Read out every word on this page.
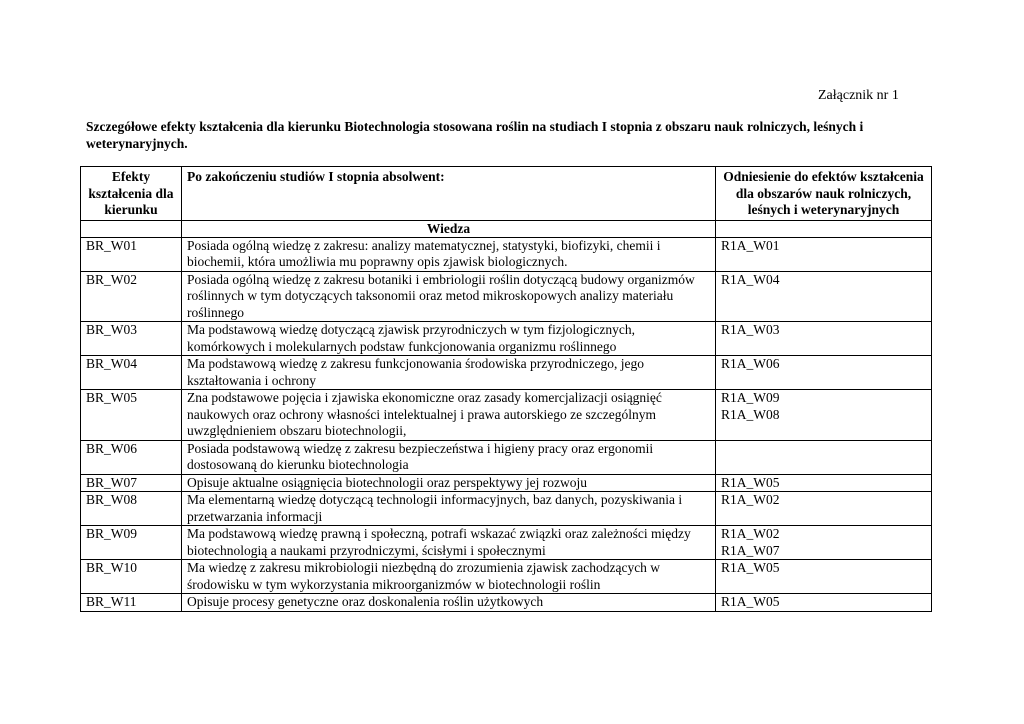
Załącznik nr 1
Szczegółowe efekty kształcenia dla kierunku Biotechnologia stosowana roślin na studiach I stopnia z obszaru nauk rolniczych, leśnych i weterynaryjnych.
Efekty kształcenia dla kierunku	Po zakończeniu studiów I stopnia absolwent:	Odniesienie do efektów kształcenia dla obszarów nauk rolniczych, leśnych i weterynaryjnych
	Wiedza	
BR_W01	Posiada ogólną wiedzę z zakresu: analizy matematycznej, statystyki, biofizyki, chemii i biochemii, która umożliwia mu poprawny opis zjawisk biologicznych.	R1A_W01

BR_W02	Posiada ogólną wiedzę z zakresu botaniki i embriologii roślin dotyczącą budowy organizmów roślinnych w tym dotyczących taksonomii oraz metod mikroskopowych analizy materiału roślinnego	R1A_W04

BR_W03	Ma podstawową wiedzę dotyczącą zjawisk przyrodniczych w tym fizjologicznych, komórkowych i molekularnych podstaw funkcjonowania organizmu roślinnego	R1A_W03

BR_W04	Ma podstawową wiedzę z zakresu funkcjonowania środowiska przyrodniczego, jego kształtowania i ochrony	R1A_W06

BR_W05	Zna podstawowe pojęcia i zjawiska ekonomiczne oraz zasady komercjalizacji osiągnięć naukowych oraz ochrony własności intelektualnej i prawa autorskiego ze szczególnym uwzględnieniem obszaru biotechnologii,	R1A_W09
R1A_W08

BR_W06	Posiada podstawową wiedzę z zakresu bezpieczeństwa i higieny pracy oraz ergonomii dostosowaną do kierunku biotechnologia	
BR_W07	Opisuje aktualne osiągnięcia biotechnologii oraz perspektywy jej rozwoju	R1A_W05

BR_W08	Ma elementarną wiedzę dotyczącą technologii informacyjnych, baz danych, pozyskiwania i przetwarzania informacji	R1A_W02

BR_W09	Ma podstawową wiedzę prawną i społeczną, potrafi wskazać związki oraz zależności między biotechnologią a naukami przyrodniczymi, ścisłymi i społecznymi	R1A_W02
R1A_W07

BR_W10	Ma wiedzę z zakresu mikrobiologii niezbędną do zrozumienia zjawisk zachodzących w środowisku w tym wykorzystania mikroorganizmów w biotechnologii roślin	R1A_W05

BR_W11	Opisuje procesy genetyczne oraz doskonalenia roślin użytkowych	R1A_W05
